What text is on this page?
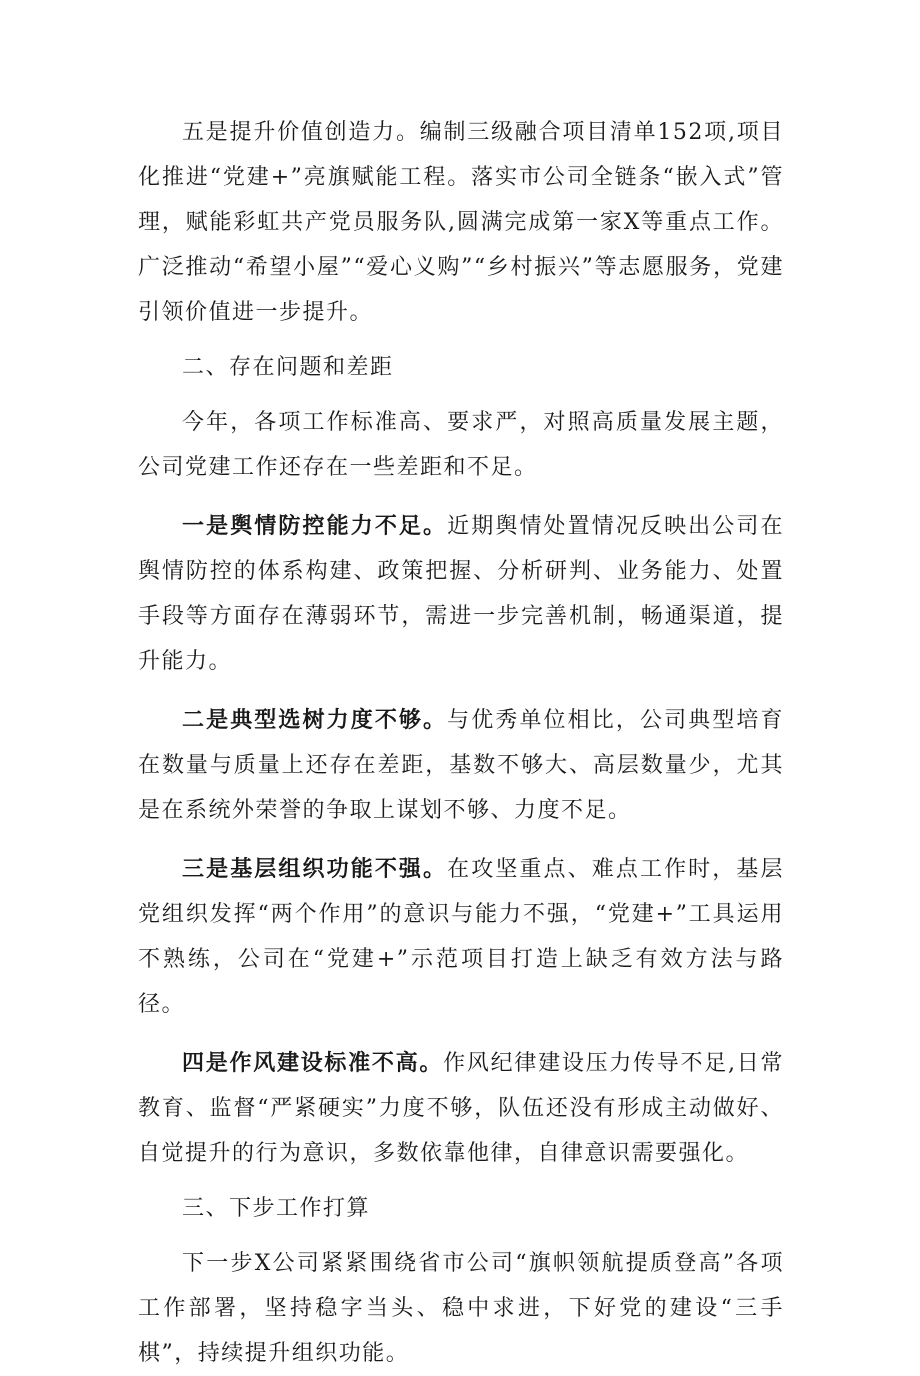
五是提升价值创造力。编制三级融合项目清单152项,项目化推进“党建+”亮旗赋能工程。落实市公司全链条“嵌入式”管理，赋能彩虹共产党员服务队,圆满完成第一家X等重点工作。广泛推动“希望小屋”“爱心义购”“乡村振兴”等志愿服务，党建引领价值进一步提升。

二、存在问题和差距

今年，各项工作标准高、要求严，对照高质量发展主题，公司党建工作还存在一些差距和不足。

一是舆情防控能力不足。近期舆情处置情况反映出公司在舆情防控的体系构建、政策把握、分析研判、业务能力、处置手段等方面存在薄弱环节，需进一步完善机制，畅通渠道，提升能力。

二是典型选树力度不够。与优秀单位相比，公司典型培育在数量与质量上还存在差距，基数不够大、高层数量少，尤其是在系统外荣誉的争取上谋划不够、力度不足。

三是基层组织功能不强。在攻坚重点、难点工作时，基层党组织发挥“两个作用”的意识与能力不强，“党建+”工具运用不熟练，公司在“党建+”示范项目打造上缺乏有效方法与路径。

四是作风建设标准不高。作风纪律建设压力传导不足,日常教育、监督“严紧硬实”力度不够，队伍还没有形成主动做好、自觉提升的行为意识，多数依靠他律，自律意识需要强化。

三、下步工作打算

下一步X公司紧紧围绕省市公司“旗帜领航提质登高”各项工作部署，坚持稳字当头、稳中求进，下好党的建设“三手棋”，持续提升组织功能。
